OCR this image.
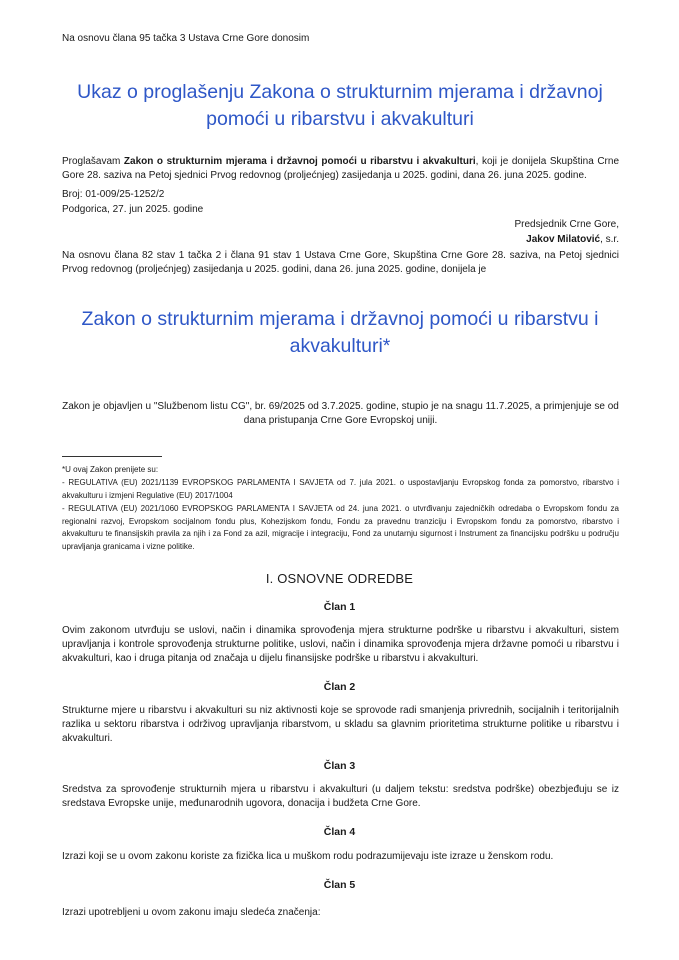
Na osnovu člana 95 tačka 3 Ustava Crne Gore donosim
Ukaz o proglašenju Zakona o strukturnim mjerama i državnoj pomoći u ribarstvu i akvakulturi
Proglašavam Zakon o strukturnim mjerama i državnoj pomoći u ribarstvu i akvakulturi, koji je donijela Skupština Crne Gore 28. saziva na Petoj sjednici Prvog redovnog (proljećnjeg) zasijedanja u 2025. godini, dana 26. juna 2025. godine.
Broj: 01-009/25-1252/2
Podgorica, 27. jun 2025. godine
Predsjednik Crne Gore,
Jakov Milatović, s.r.
Na osnovu člana 82 stav 1 tačka 2 i člana 91 stav 1 Ustava Crne Gore, Skupština Crne Gore 28. saziva, na Petoj sjednici Prvog redovnog (proljećnjeg) zasijedanja u 2025. godini, dana 26. juna 2025. godine, donijela je
Zakon o strukturnim mjerama i državnoj pomoći u ribarstvu i akvakulturi*
Zakon je objavljen u "Službenom listu CG", br. 69/2025 od 3.7.2025. godine, stupio je na snagu 11.7.2025, a primjenjuje se od dana pristupanja Crne Gore Evropskoj uniji.
*U ovaj Zakon prenijete su:
- REGULATIVA (EU) 2021/1139 EVROPSKOG PARLAMENTA I SAVJETA od 7. jula 2021. o uspostavljanju Evropskog fonda za pomorstvo, ribarstvo i akvakulturu i izmjeni Regulative (EU) 2017/1004
- REGULATIVA (EU) 2021/1060 EVROPSKOG PARLAMENTA I SAVJETA od 24. juna 2021. o utvrđivanju zajedničkih odredaba o Evropskom fondu za regionalni razvoj, Evropskom socijalnom fondu plus, Kohezijskom fondu, Fondu za pravednu tranziciju i Evropskom fondu za pomorstvo, ribarstvo i akvakulturu te finansijskih pravila za njih i za Fond za azil, migracije i integraciju, Fond za unutarnju sigurnost i Instrument za financijsku podršku u području upravljanja granicama i vizne politike.
I. OSNOVNE ODREDBE
Član 1
Ovim zakonom utvrđuju se uslovi, način i dinamika sprovođenja mjera strukturne podrške u ribarstvu i akvakulturi, sistem upravljanja i kontrole sprovođenja strukturne politike, uslovi, način i dinamika sprovođenja mjera državne pomoći u ribarstvu i akvakulturi, kao i druga pitanja od značaja u dijelu finansijske podrške u ribarstvu i akvakulturi.
Član 2
Strukturne mjere u ribarstvu i akvakulturi su niz aktivnosti koje se sprovode radi smanjenja privrednih, socijalnih i teritorijalnih razlika u sektoru ribarstva i održivog upravljanja ribarstvom, u skladu sa glavnim prioritetima strukturne politike u ribarstvu i akvakulturi.
Član 3
Sredstva za sprovođenje strukturnih mjera u ribarstvu i akvakulturi (u daljem tekstu: sredstva podrške) obezbjeđuju se iz sredstava Evropske unije, međunarodnih ugovora, donacija i budžeta Crne Gore.
Član 4
Izrazi koji se u ovom zakonu koriste za fizička lica u muškom rodu podrazumijevaju iste izraze u ženskom rodu.
Član 5
Izrazi upotrebljeni u ovom zakonu imaju sledeća značenja:
